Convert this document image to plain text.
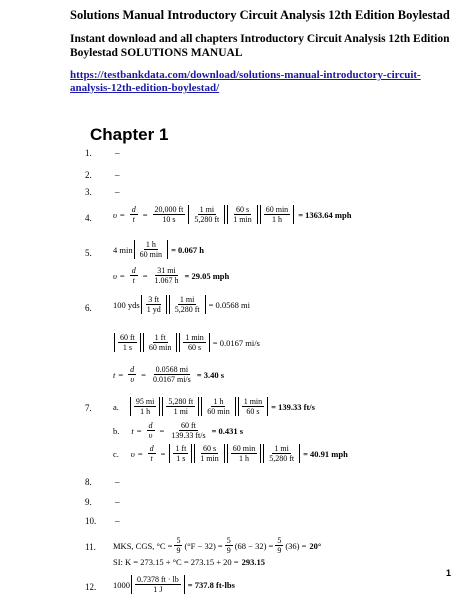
Solutions Manual Introductory Circuit Analysis 12th Edition Boylestad
Instant download and all chapters Introductory Circuit Analysis 12th Edition Boylestad SOLUTIONS MANUAL
https://testbankdata.com/download/solutions-manual-introductory-circuit-analysis-12th-edition-boylestad/
Chapter 1
1.	–
2.	–
3.	–
4.	$\upsilon = \frac{d}{t} = \frac{20,000 ft}{10 s} \frac{1 mi}{5,280 ft} \frac{60 s}{1 \min} \frac{60 \min}{1 h} = 1363.64$ mph
5.	4 $\min \frac{1 h}{60 \min} = 0.067$ h
$\upsilon = \frac{d}{t} = \frac{31 mi}{1.067 h} = 29.05$ mph
6.	100 yds $\frac{3 ft}{1 yd} \frac{1 mi}{5,280 ft} = 0.0568$ mi
$\frac{60 ft}{1 s} \frac{1 ft}{60 \min} \frac{1 \min}{60 s} = 0.0167$ mi/s
$t = \frac{d}{\upsilon} = \frac{0.0568 mi}{0.0167 mi/s} = 3.40$ s
7.	a. $\frac{95 mi}{1 h} \frac{5,280 ft}{1 mi} \frac{1 h}{60 \min} \frac{1 \min}{60 s} = 139.33$ ft/s
b. $t = \frac{d}{\upsilon} = \frac{60 ft}{139.33 ft/s} = 0.431$ s
c. $\upsilon = \frac{d}{t} = \frac{1 ft}{1 s} \frac{60 s}{1 \min} \frac{60 \min}{1 h} \frac{1 mi}{5,280 ft} = 40.91$ mph
8.	–
9.	–
10. –
11. MKS, CGS, $^\circ C = \frac{5}{9} (^\circ F - 32) = \frac{5}{9} (68 - 32) = \frac{5}{9} (36) = 20^\circ$
SI: K = 273.15 + °C = 273.15 + 20 = 293.15
12. $1000 \frac{0.7378 ft \cdot lb}{1 J} = 737.8$ ft-lbs
1
